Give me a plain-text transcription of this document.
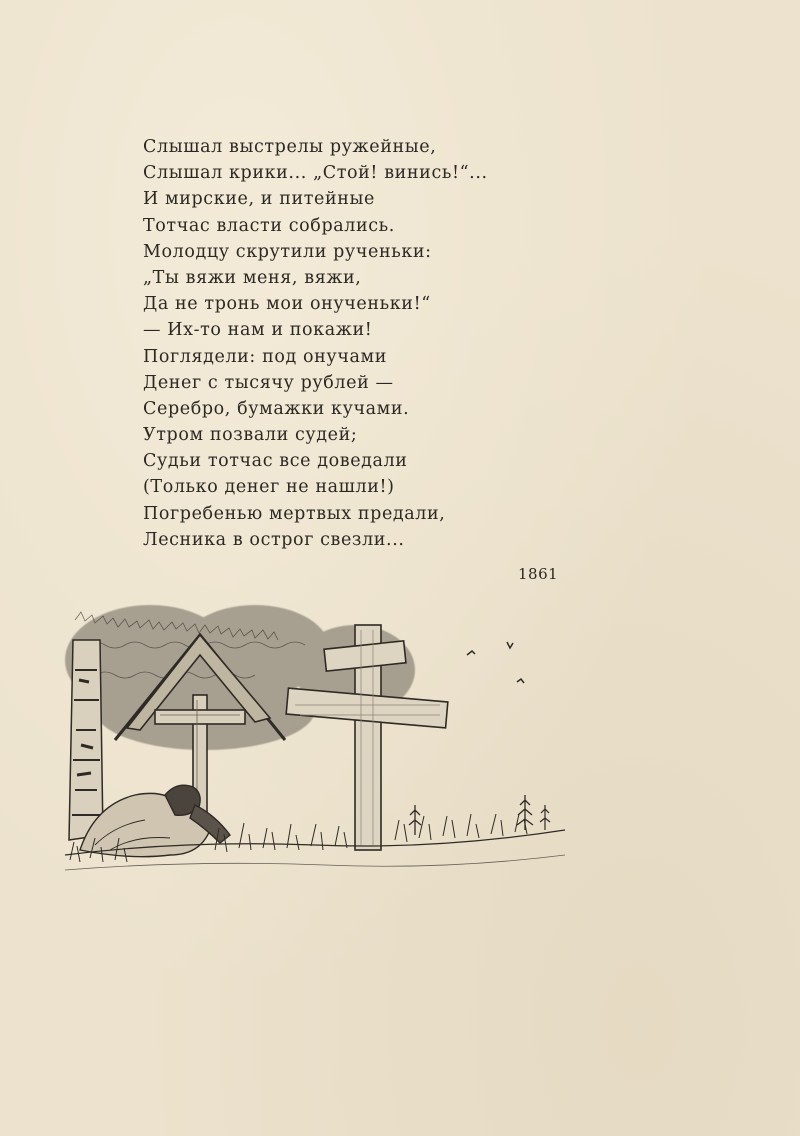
Слышал выстрелы ружейные,
Слышал крики... „Стой! винись!“...
И мирские, и питейные
Тотчас власти собрались.
Молодцу скрутили рученьки:
„Ты вяжи меня, вяжи,
Да не тронь мои онученьки!“
— Их-то нам и покажи!
Поглядели: под онучами
Денег с тысячу рублей —
Серебро, бумажки кучами.
Утром позвали судей;
Судьи тотчас все доведали
(Только денег не нашли!)
Погребенью мертвых предали,
Лесника в острог свезли...
1861
